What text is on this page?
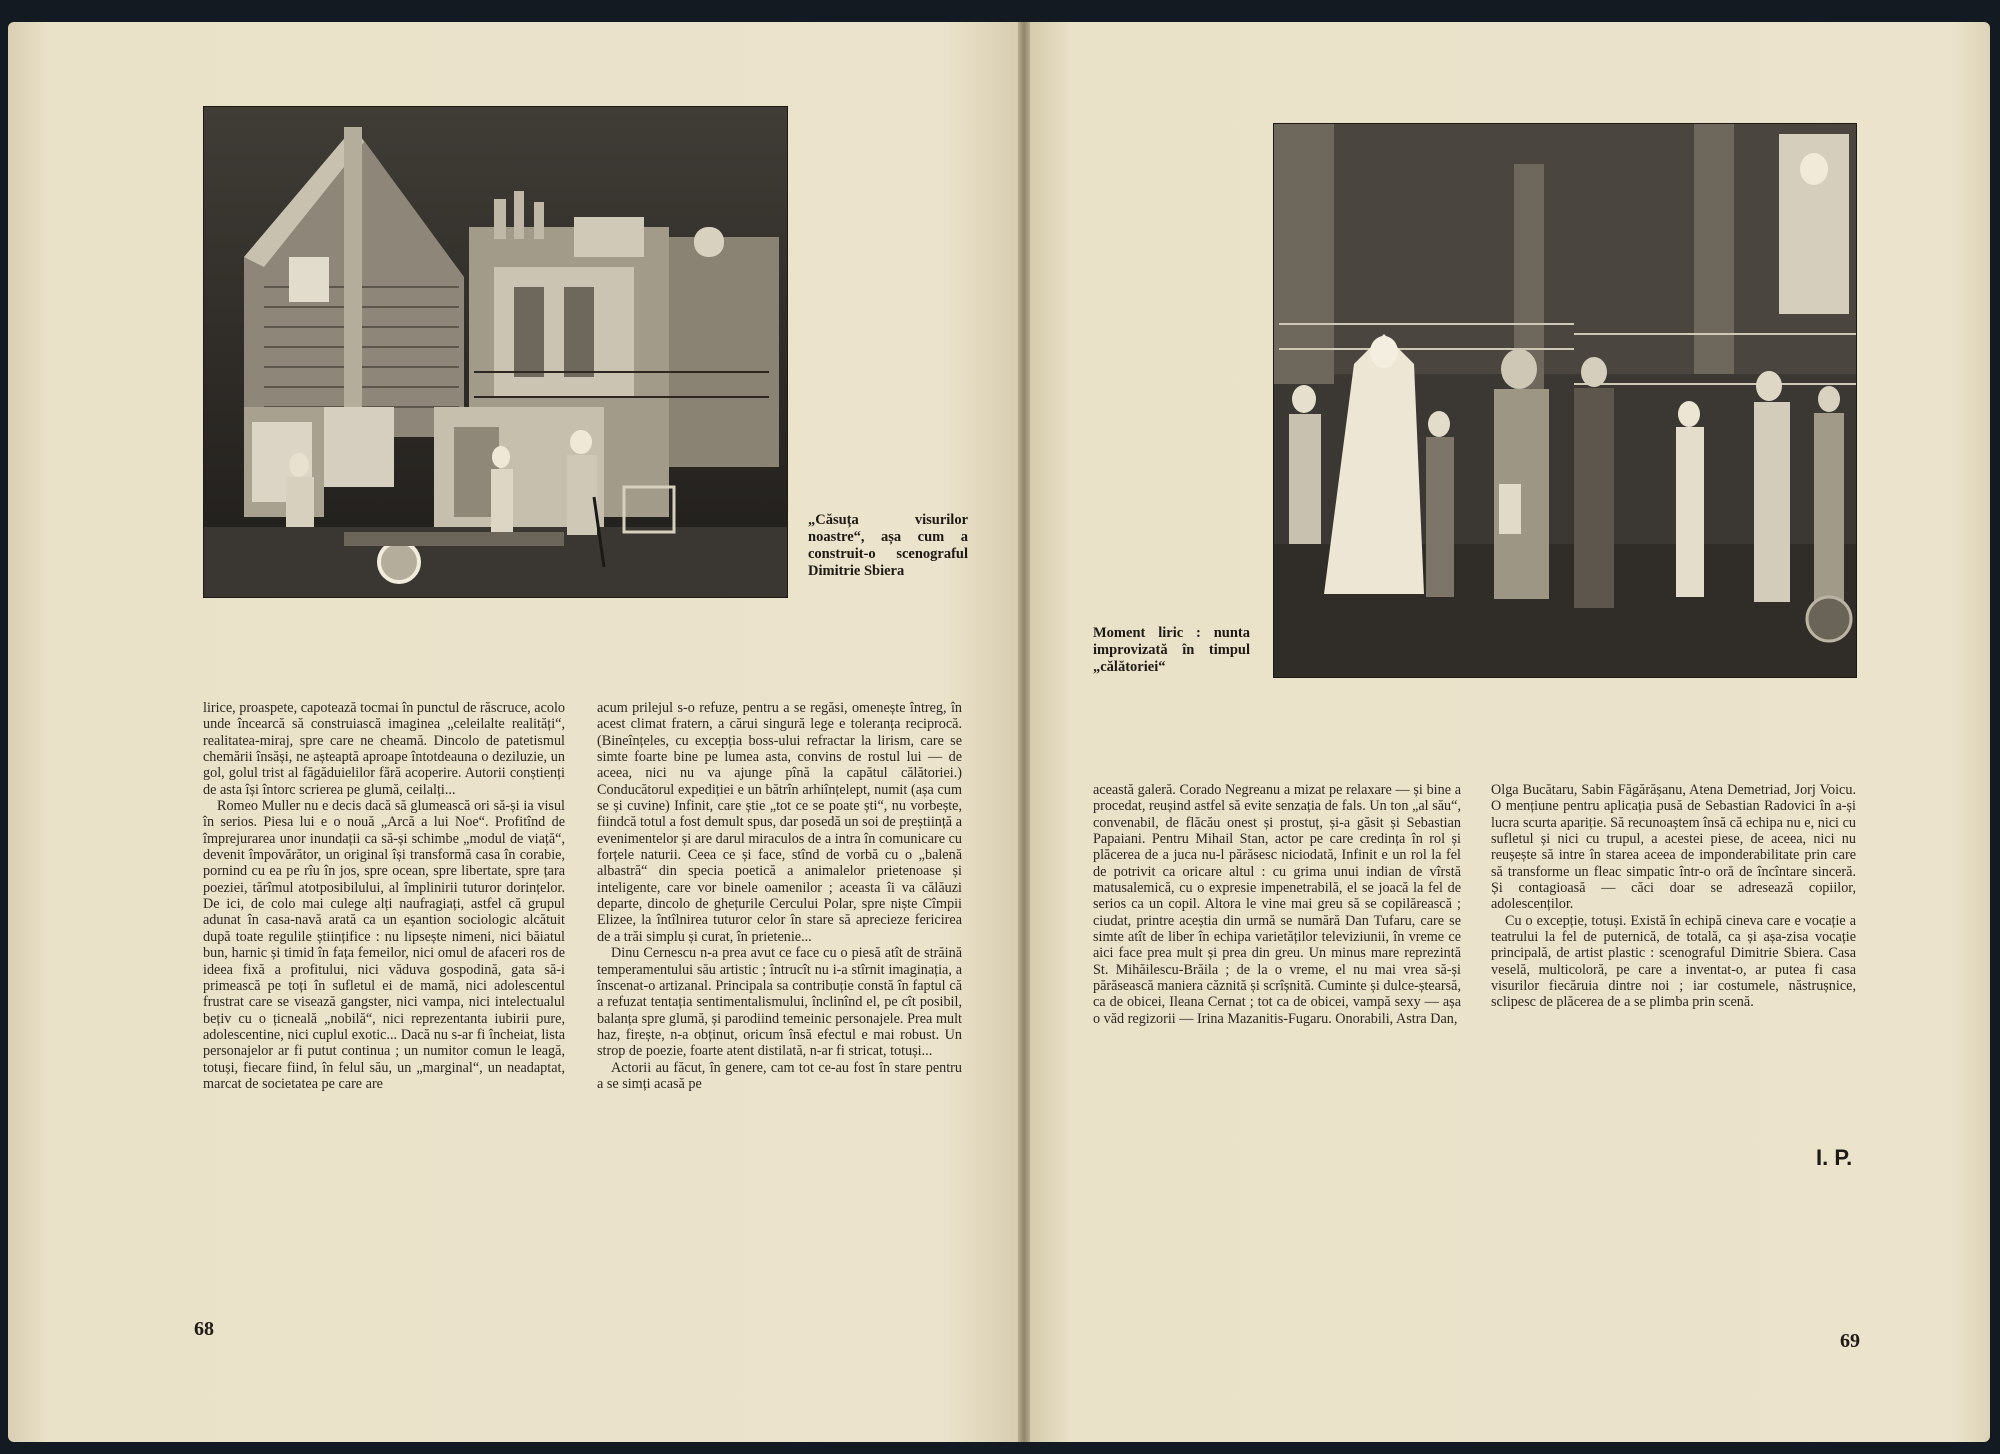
„Căsuța visurilor noastre“, așa cum a construit-o scenograful Dimitrie Sbiera

lirice, proaspete, capotează tocmai în punctul de răscruce, acolo unde încearcă să construiască imaginea „celeilalte realități“, realitatea-miraj, spre care ne cheamă. Dincolo de patetismul chemării însăși, ne așteaptă aproape întotdeauna o deziluzie, un gol, golul trist al făgăduielilor fără acoperire. Autorii conștienți de asta își întorc scrierea pe glumă, ceilalți...

Romeo Muller nu e decis dacă să glumească ori să-și ia visul în serios. Piesa lui e o nouă „Arcă a lui Noe“. Profitînd de împrejurarea unor inundații ca să-și schimbe „modul de viață“, devenit împovărător, un original își transformă casa în corabie, pornind cu ea pe rîu în jos, spre ocean, spre libertate, spre țara poeziei, tărîmul atotposibilului, al împlinirii tuturor dorințelor. De ici, de colo mai culege alți naufragiați, astfel că grupul adunat în casa-navă arată ca un eșantion sociologic alcătuit după toate regulile științifice : nu lipsește nimeni, nici băiatul bun, harnic și timid în fața femeilor, nici omul de afaceri ros de ideea fixă a profitului, nici văduva gospodină, gata să-i primească pe toți în sufletul ei de mamă, nici adolescentul frustrat care se visează gangster, nici vampa, nici intelectualul bețiv cu o țicneală „nobilă“, nici reprezentanta iubirii pure, adolescentine, nici cuplul exotic... Dacă nu s-ar fi încheiat, lista personajelor ar fi putut continua ; un numitor comun le leagă, totuși, fiecare fiind, în felul său, un „marginal“, un neadaptat, marcat de societatea pe care are

acum prilejul s-o refuze, pentru a se regăsi, omenește întreg, în acest climat fratern, a cărui singură lege e toleranța reciprocă. (Bineînțeles, cu excepția boss-ului refractar la lirism, care se simte foarte bine pe lumea asta, convins de rostul lui — de aceea, nici nu va ajunge pînă la capătul călătoriei.) Conducătorul expediției e un bătrîn arhiînțelept, numit (așa cum se și cuvine) Infinit, care știe „tot ce se poate ști“, nu vorbește, fiindcă totul a fost demult spus, dar posedă un soi de preștiință a evenimentelor și are darul miraculos de a intra în comunicare cu forțele naturii. Ceea ce și face, stînd de vorbă cu o „balenă albastră“ din specia poetică a animalelor prietenoase și inteligente, care vor binele oamenilor ; aceasta îi va călăuzi departe, dincolo de ghețurile Cercului Polar, spre niște Cîmpii Elizee, la întîlnirea tuturor celor în stare să aprecieze fericirea de a trăi simplu și curat, în prietenie...

Dinu Cernescu n-a prea avut ce face cu o piesă atît de străină temperamentului său artistic ; întrucît nu i-a stîrnit imaginația, a înscenat-o artizanal. Principala sa contribuție constă în faptul că a refuzat tentația sentimentalismului, înclinînd el, pe cît posibil, balanța spre glumă, și parodiind temeinic personajele. Prea mult haz, firește, n-a obținut, oricum însă efectul e mai robust. Un strop de poezie, foarte atent distilată, n-ar fi stricat, totuși...

Actorii au făcut, în genere, cam tot ce-au fost în stare pentru a se simți acasă pe

68
Moment liric : nunta improvizată în timpul „călătoriei“

această galeră. Corado Negreanu a mizat pe relaxare — și bine a procedat, reușind astfel să evite senzația de fals. Un ton „al său“, convenabil, de flăcău onest și prostuț, și-a găsit și Sebastian Papaiani. Pentru Mihail Stan, actor pe care credința în rol și plăcerea de a juca nu-l părăsesc niciodată, Infinit e un rol la fel de potrivit ca oricare altul : cu grima unui indian de vîrstă matusalemică, cu o expresie impenetrabilă, el se joacă la fel de serios ca un copil. Altora le vine mai greu să se copilărească ; ciudat, printre aceștia din urmă se numără Dan Tufaru, care se simte atît de liber în echipa varietăților televiziunii, în vreme ce aici face prea mult și prea din greu. Un minus mare reprezintă St. Mihăilescu-Brăila ; de la o vreme, el nu mai vrea să-și părăsească maniera căznită și scrîșnită. Cuminte și dulce-ștearsă, ca de obicei, Ileana Cernat ; tot ca de obicei, vampă sexy — așa o văd regizorii — Irina Mazanitis-Fugaru. Onorabili, Astra Dan,

Olga Bucătaru, Sabin Făgărășanu, Atena Demetriad, Jorj Voicu. O mențiune pentru aplicația pusă de Sebastian Radovici în a-și lucra scurta apariție. Să recunoaștem însă că echipa nu e, nici cu sufletul și nici cu trupul, a acestei piese, de aceea, nici nu reușește să intre în starea aceea de imponderabilitate prin care să transforme un fleac simpatic într-o oră de încîntare sinceră. Și contagioasă — căci doar se adresează copiilor, adolescenților.

Cu o excepție, totuși. Există în echipă cineva care e vocație a teatrului la fel de puternică, de totală, ca și așa-zisa vocație principală, de artist plastic : scenograful Dimitrie Sbiera. Casa veselă, multicoloră, pe care a inventat-o, ar putea fi casa visurilor fiecăruia dintre noi ; iar costumele, năstrușnice, sclipesc de plăcerea de a se plimba prin scenă.

I. P.
69
